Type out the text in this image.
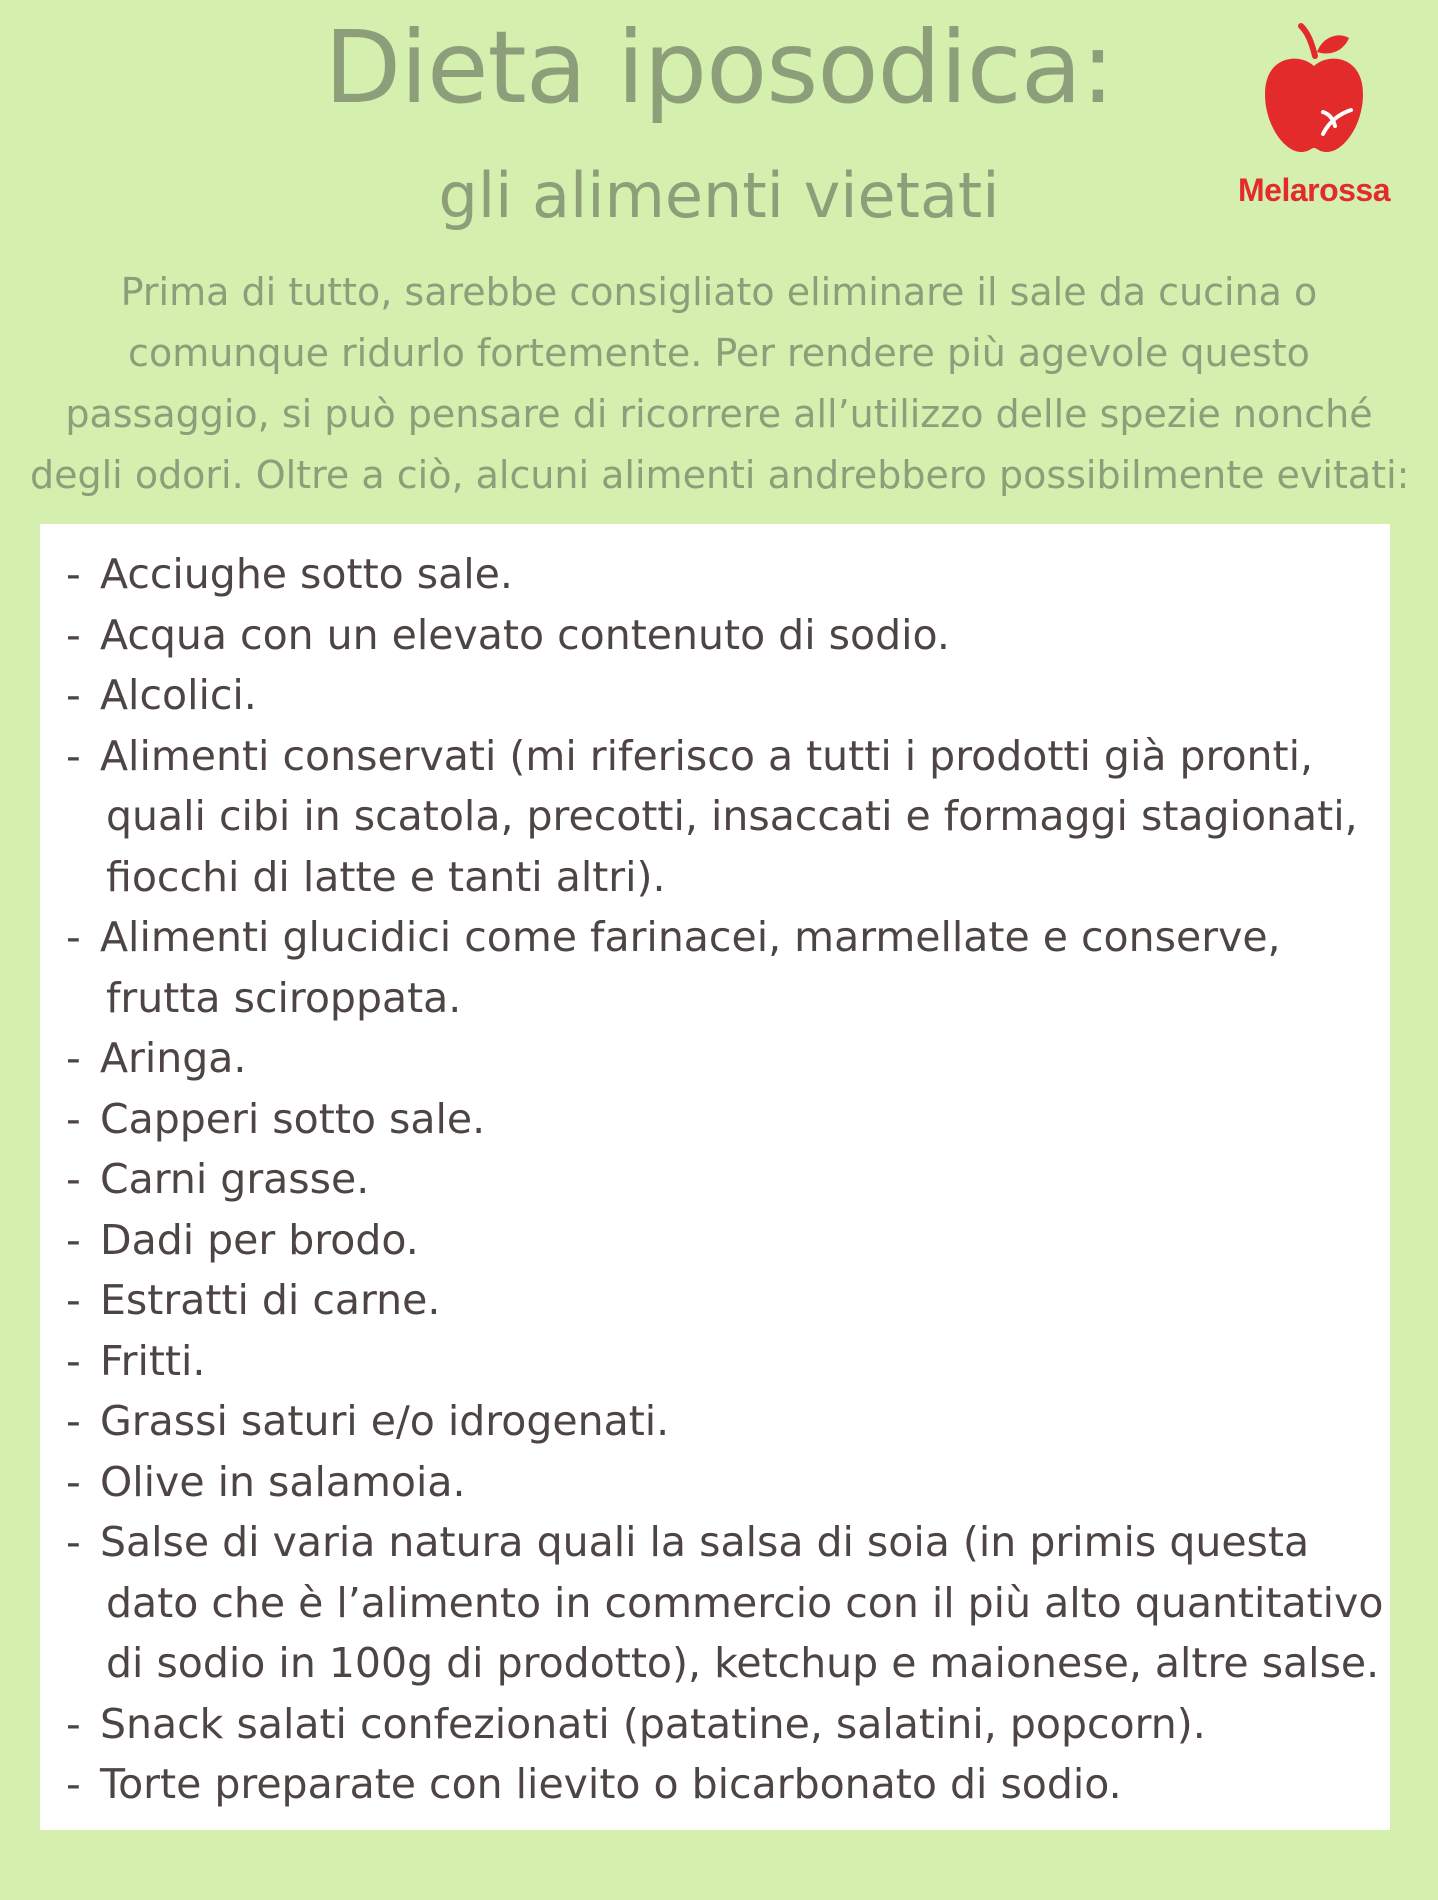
Dieta iposodica:
gli alimenti vietati	Melarossa
Prima di tutto, sarebbe consigliato eliminare il sale da cucina o
comunque ridurlo fortemente. Per rendere più agevole questo
passaggio, si può pensare di ricorrere all’utilizzo delle spezie nonché
degli odori. Oltre a ciò, alcuni alimenti andrebbero possibilmente evitati:
- Acciughe sotto sale.
- Acqua con un elevato contenuto di sodio.
- Alcolici.
- Alimenti conservati (mi riferisco a tutti i prodotti già pronti,
quali cibi in scatola, precotti, insaccati e formaggi stagionati,
fiocchi di latte e tanti altri).
- Alimenti glucidici come farinacei, marmellate e conserve,
frutta sciroppata.
- Aringa.
- Capperi sotto sale.
- Carni grasse.
- Dadi per brodo.
- Estratti di carne.
- Fritti.
- Grassi saturi e/o idrogenati.
- Olive in salamoia.
- Salse di varia natura quali la salsa di soia (in primis questa
dato che è l’alimento in commercio con il più alto quantitativo
di sodio in 100g di prodotto), ketchup e maionese, altre salse.
- Snack salati confezionati (patatine, salatini, popcorn).
- Torte preparate con lievito o bicarbonato di sodio.
